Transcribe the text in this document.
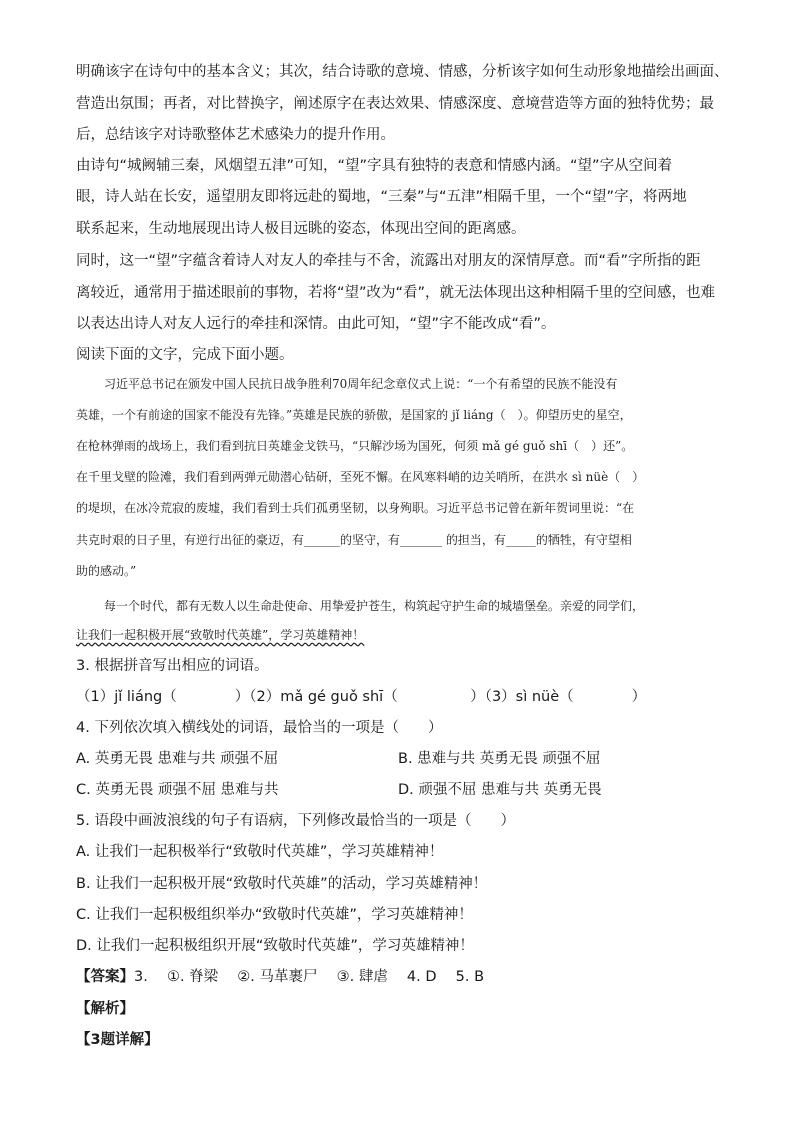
明确该字在诗句中的基本含义；其次，结合诗歌的意境、情感，分析该字如何生动形象地描绘出画面、
营造出氛围；再者，对比替换字，阐述原字在表达效果、情感深度、意境营造等方面的独特优势；最
后，总结该字对诗歌整体艺术感染力的提升作用。
由诗句“城阙辅三秦，风烟望五津”可知，“望”字具有独特的表意和情感内涵。“望”字从空间着
眼，诗人站在长安，遥望朋友即将远赴的蜀地，“三秦”与“五津”相隔千里，一个“望”字，将两地
联系起来，生动地展现出诗人极目远眺的姿态，体现出空间的距离感。
同时，这一“望”字蕴含着诗人对友人的牵挂与不舍，流露出对朋友的深情厚意。而“看”字所指的距
离较近，通常用于描述眼前的事物，若将“望”改为“看”，就无法体现出这种相隔千里的空间感，也难
以表达出诗人对友人远行的牵挂和深情。由此可知，“望”字不能改成“看”。
阅读下面的文字，完成下面小题。
习近平总书记在颁发中国人民抗日战争胜利70周年纪念章仪式上说：“一个有希望的民族不能没有
英雄，一个有前途的国家不能没有先锋。”英雄是民族的骄傲，是国家的 jǐ liáng（　）。仰望历史的星空，
在枪林弹雨的战场上，我们看到抗日英雄金戈铁马，“只解沙场为国死，何须 mǎ gé guǒ shī（　）还”。
在千里戈壁的险滩，我们看到两弹元勋潜心钻研，至死不懈。在风寒料峭的边关哨所，在洪水 sì nüè（　）
的堤坝，在冰冷荒寂的废墟，我们看到士兵们孤勇坚韧，以身殉职。习近平总书记曾在新年贺词里说：“在
共克时艰的日子里，有逆行出征的豪迈，有______的坚守，有_______ 的担当，有_____的牺牲，有守望相
助的感动。”
每一个时代，都有无数人以生命赴使命、用挚爱护苍生，构筑起守护生命的城墙堡垒。亲爱的同学们，
让我们一起积极开展“致敬时代英雄”，学习英雄精神！
3. 根据拼音写出相应的词语。
（1）jǐ liáng（　　　　）（2）mǎ gé guǒ shī（　　　　　）（3）sì nüè（　　　　）
4. 下列依次填入横线处的词语，最恰当的一项是（　　）
A. 英勇无畏 患难与共 顽强不屈	B. 患难与共 英勇无畏 顽强不屈
C. 英勇无畏 顽强不屈 患难与共	D. 顽强不屈 患难与共 英勇无畏
5. 语段中画波浪线的句子有语病，下列修改最恰当的一项是（　　）
A. 让我们一起积极举行“致敬时代英雄”，学习英雄精神！
B. 让我们一起积极开展“致敬时代英雄”的活动，学习英雄精神！
C. 让我们一起积极组织举办“致敬时代英雄”，学习英雄精神！
D. 让我们一起积极组织开展“致敬时代英雄”，学习英雄精神！
【答案】3.　 ①. 脊梁　 ②. 马革裹尸　 ③. 肆虐　 4. D　 5. B
【解析】
【3题详解】
